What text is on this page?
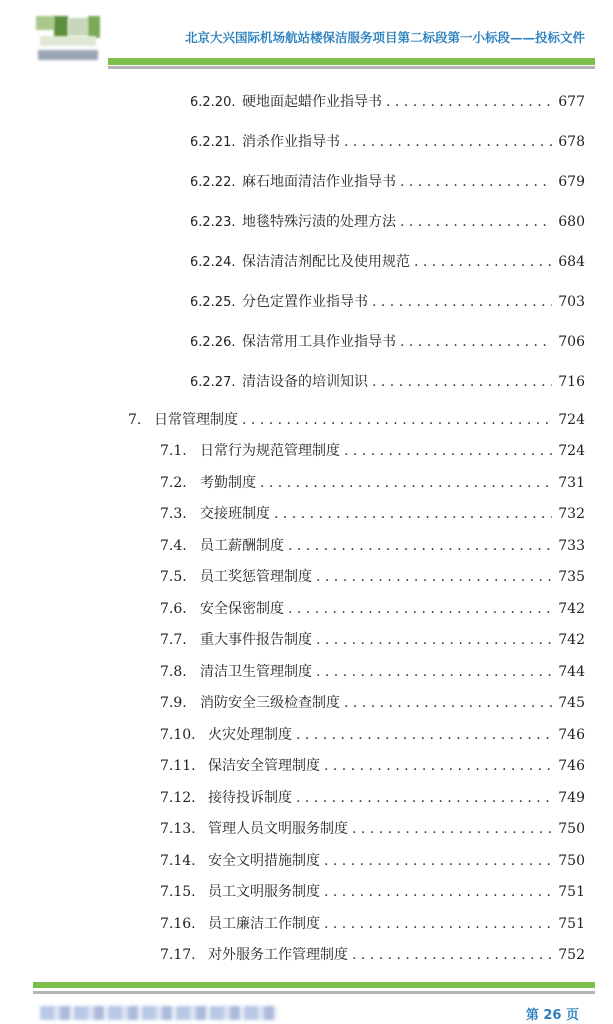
北京大兴国际机场航站楼保洁服务项目第二标段第一小标段——投标文件
6.2.20. 硬地面起蜡作业指导书 . . .	677
6.2.21. 消杀作业指导书 . . .	678
6.2.22. 麻石地面清洁作业指导书 . . .	679
6.2.23. 地毯特殊污渍的处理方法 . . .	680
6.2.24. 保洁清洁剂配比及使用规范 . . .	684
6.2.25. 分色定置作业指导书 . . .	703
6.2.26. 保洁常用工具作业指导书 . . .	706
6.2.27. 清洁设备的培训知识 . . .	716
7. 日常管理制度 . . .	724
7.1. 日常行为规范管理制度 . . .	724
7.2. 考勤制度 . . .	731
7.3. 交接班制度 . . .	732
7.4. 员工薪酬制度 . . .	733
7.5. 员工奖惩管理制度 . . .	735
7.6. 安全保密制度 . . .	742
7.7. 重大事件报告制度 . . .	742
7.8. 清洁卫生管理制度 . . .	744
7.9. 消防安全三级检查制度 . . .	745
7.10. 火灾处理制度 . . .	746
7.11. 保洁安全管理制度 . . .	746
7.12. 接待投诉制度 . . .	749
7.13. 管理人员文明服务制度 . . .	750
7.14. 安全文明措施制度 . . .	750
7.15. 员工文明服务制度 . . .	751
7.16. 员工廉洁工作制度 . . .	751
7.17. 对外服务工作管理制度 . . .	752
第 26 页
